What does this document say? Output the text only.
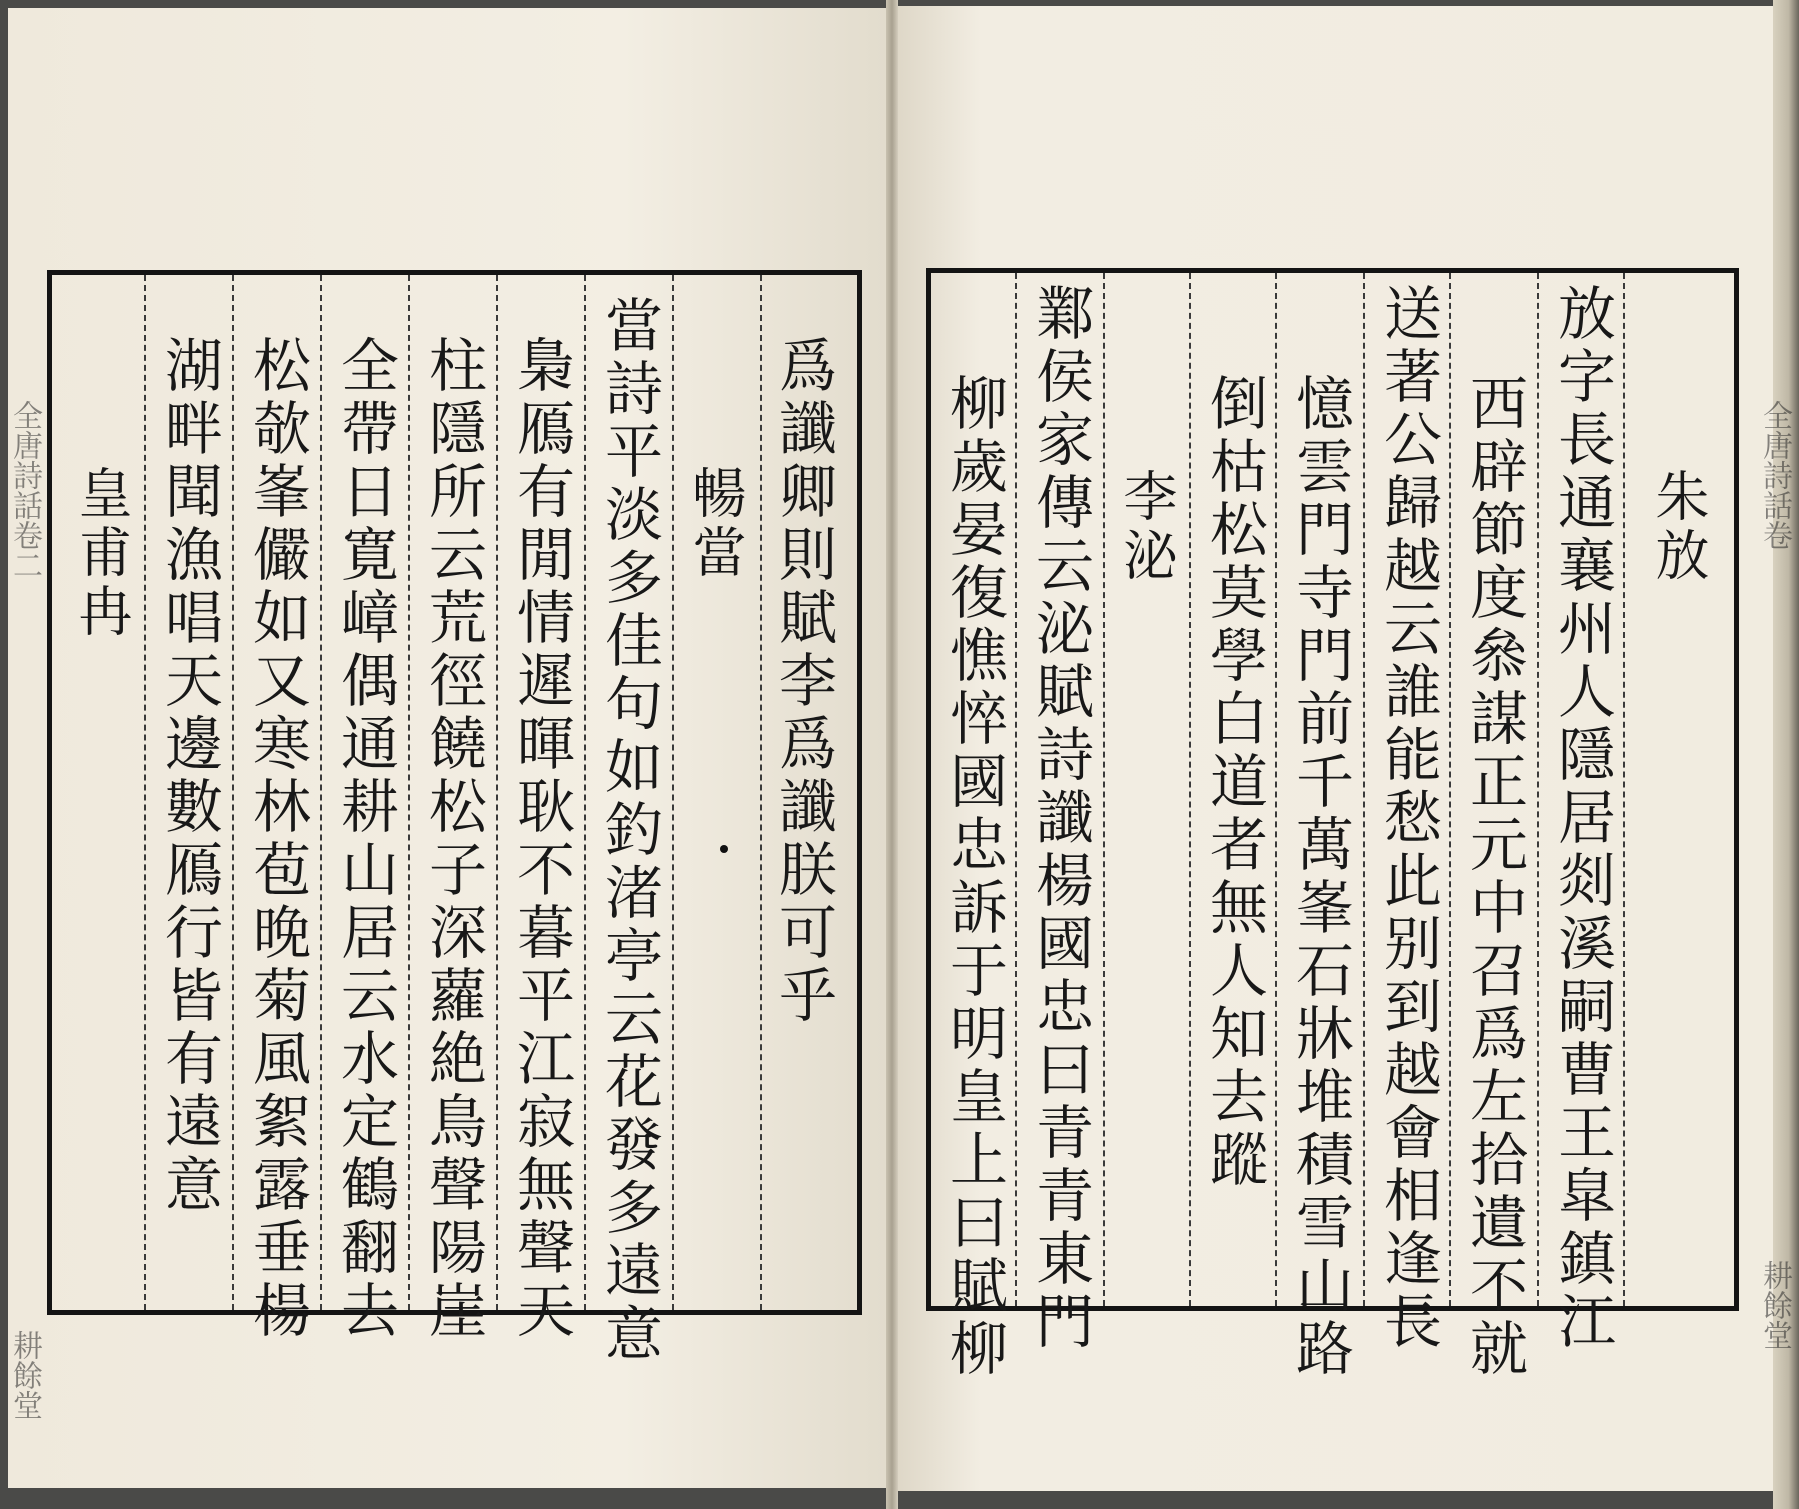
全唐詩話卷二
耕餘堂
全唐詩話卷
耕餘堂
爲讖卿則賦李爲讖朕可乎
暢當
當詩平淡多佳句如釣渚亭云花發多遠意
梟鴈有閒情遲暉耿不暮平江寂無聲天
柱隱所云荒徑饒松子深蘿絶鳥聲陽崖
全帶日寛嶂偶通耕山居云水定鶴翻去
松欹峯儼如又寒林苞晚菊風絮露垂楊
湖畔聞漁唱天邊數鴈行皆有遠意
皇甫冉	朱放
放字長通襄州人隱居剡溪嗣曹王皐鎮江
西辟節度叅謀正元中召爲左拾遺不就
送著公歸越云誰能愁此别到越會相逢長
憶雲門寺門前千萬峯石牀堆積雪山路
倒枯松莫學白道者無人知去蹤
李泌
鄴侯家傳云泌賦詩讖楊國忠曰青青東門
柳歲晏復憔悴國忠訴于明皇上曰賦柳
